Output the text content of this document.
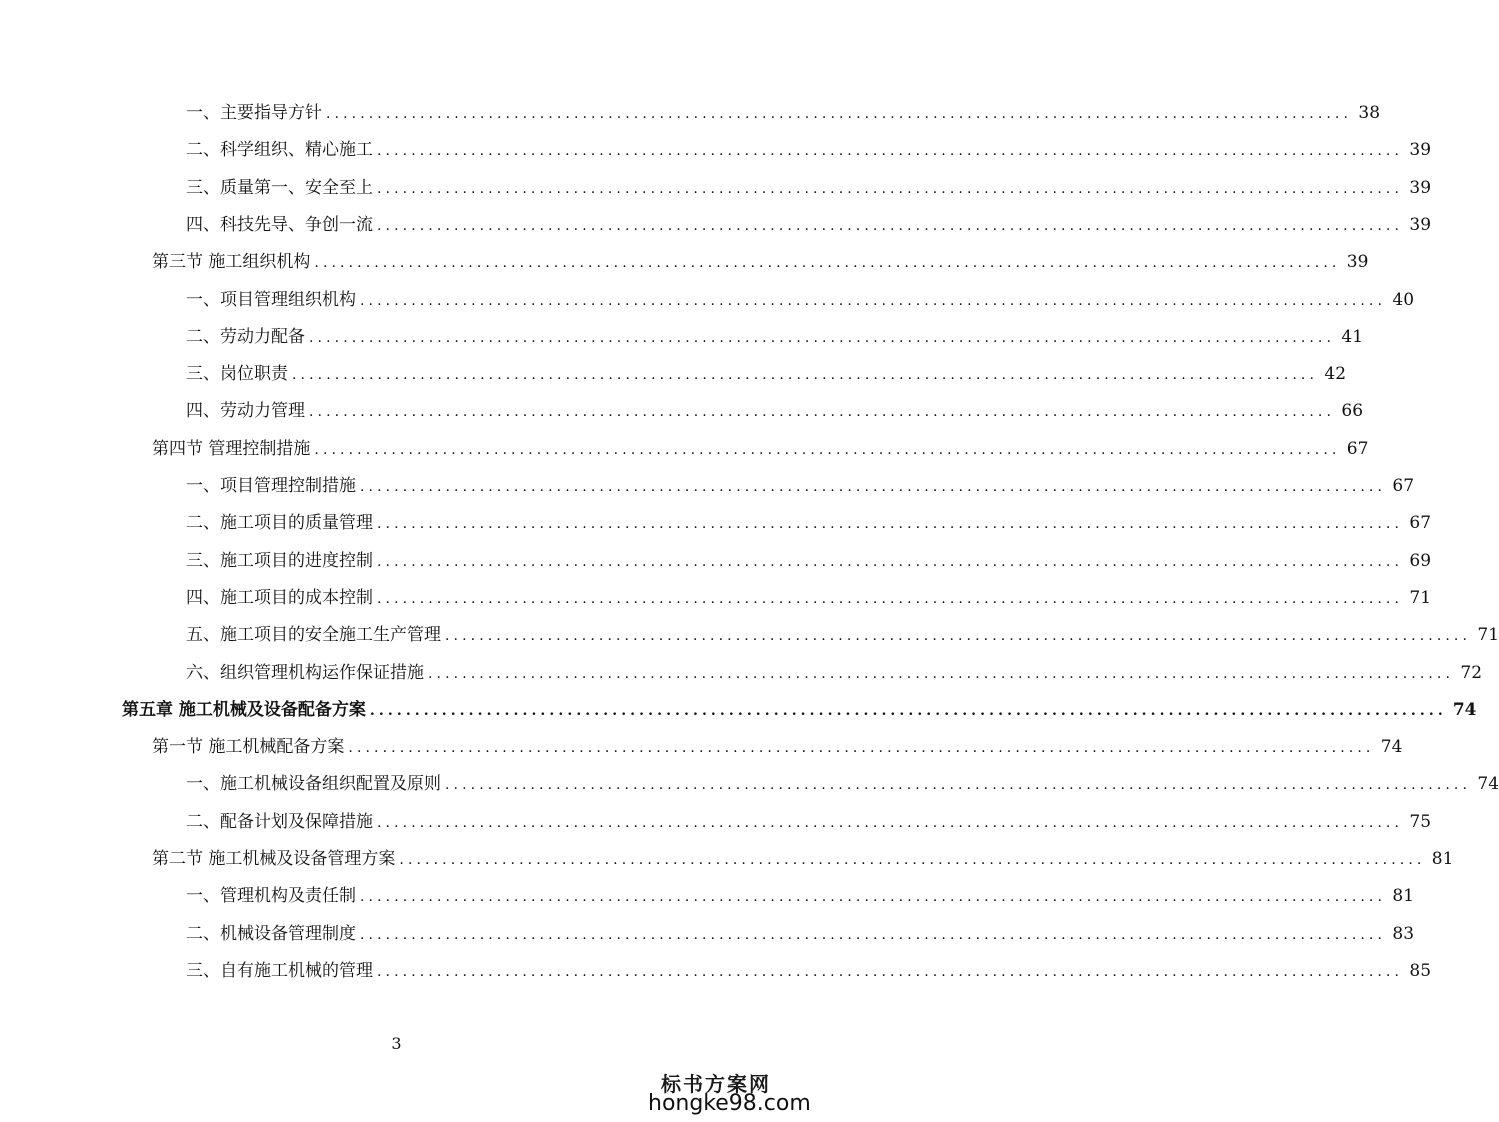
一、主要指导方针 ........................................................................................................................ 38
二、科学组织、精心施工 ........................................................................................................................ 39
三、质量第一、安全至上 ........................................................................................................................ 39
四、科技先导、争创一流 ........................................................................................................................ 39
第三节 施工组织机构 ........................................................................................................................ 39
一、项目管理组织机构 ........................................................................................................................ 40
二、劳动力配备 ........................................................................................................................ 41
三、岗位职责 ........................................................................................................................ 42
四、劳动力管理 ........................................................................................................................ 66
第四节 管理控制措施 ........................................................................................................................ 67
一、项目管理控制措施 ........................................................................................................................ 67
二、施工项目的质量管理 ........................................................................................................................ 67
三、施工项目的进度控制 ........................................................................................................................ 69
四、施工项目的成本控制 ........................................................................................................................ 71
五、施工项目的安全施工生产管理 ........................................................................................................................ 71
六、组织管理机构运作保证措施 ........................................................................................................................ 72
第五章 施工机械及设备配备方案 ........................................................................................................................ 74
第一节 施工机械配备方案 ........................................................................................................................ 74
一、施工机械设备组织配置及原则 ........................................................................................................................ 74
二、配备计划及保障措施 ........................................................................................................................ 75
第二节 施工机械及设备管理方案 ........................................................................................................................ 81
一、管理机构及责任制 ........................................................................................................................ 81
二、机械设备管理制度 ........................................................................................................................ 83
三、自有施工机械的管理 ........................................................................................................................ 85
3
标书方案网
hongke98.com
